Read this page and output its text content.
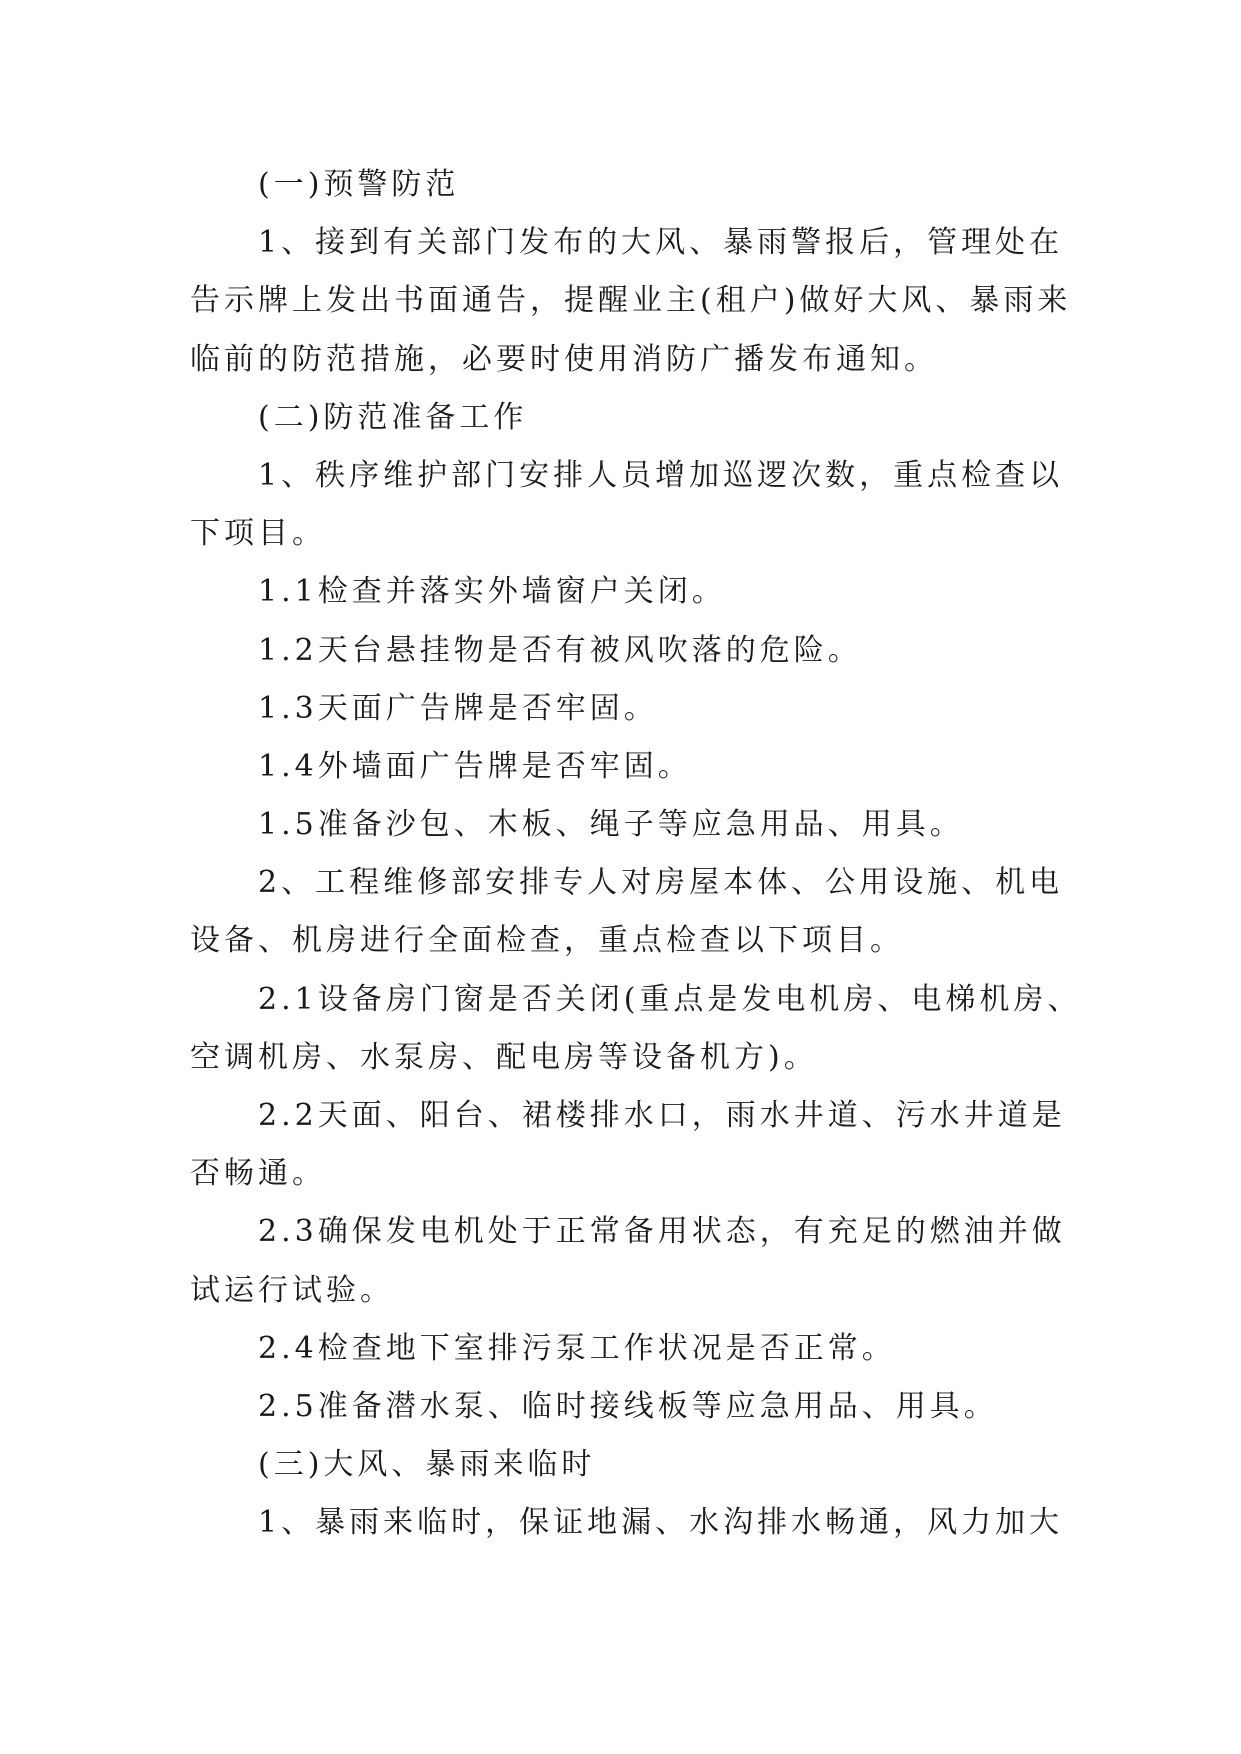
(一)预警防范
1、接到有关部门发布的大风、暴雨警报后，管理处在
告示牌上发出书面通告，提醒业主(租户)做好大风、暴雨来
临前的防范措施，必要时使用消防广播发布通知。
(二)防范准备工作
1、秩序维护部门安排人员增加巡逻次数，重点检查以
下项目。
1.1检查并落实外墙窗户关闭。
1.2天台悬挂物是否有被风吹落的危险。
1.3天面广告牌是否牢固。
1.4外墙面广告牌是否牢固。
1.5准备沙包、木板、绳子等应急用品、用具。
2、工程维修部安排专人对房屋本体、公用设施、机电
设备、机房进行全面检查，重点检查以下项目。
2.1设备房门窗是否关闭(重点是发电机房、电梯机房、
空调机房、水泵房、配电房等设备机方)。
2.2天面、阳台、裙楼排水口，雨水井道、污水井道是
否畅通。
2.3确保发电机处于正常备用状态，有充足的燃油并做
试运行试验。
2.4检查地下室排污泵工作状况是否正常。
2.5准备潜水泵、临时接线板等应急用品、用具。
(三)大风、暴雨来临时
1、暴雨来临时，保证地漏、水沟排水畅通，风力加大
